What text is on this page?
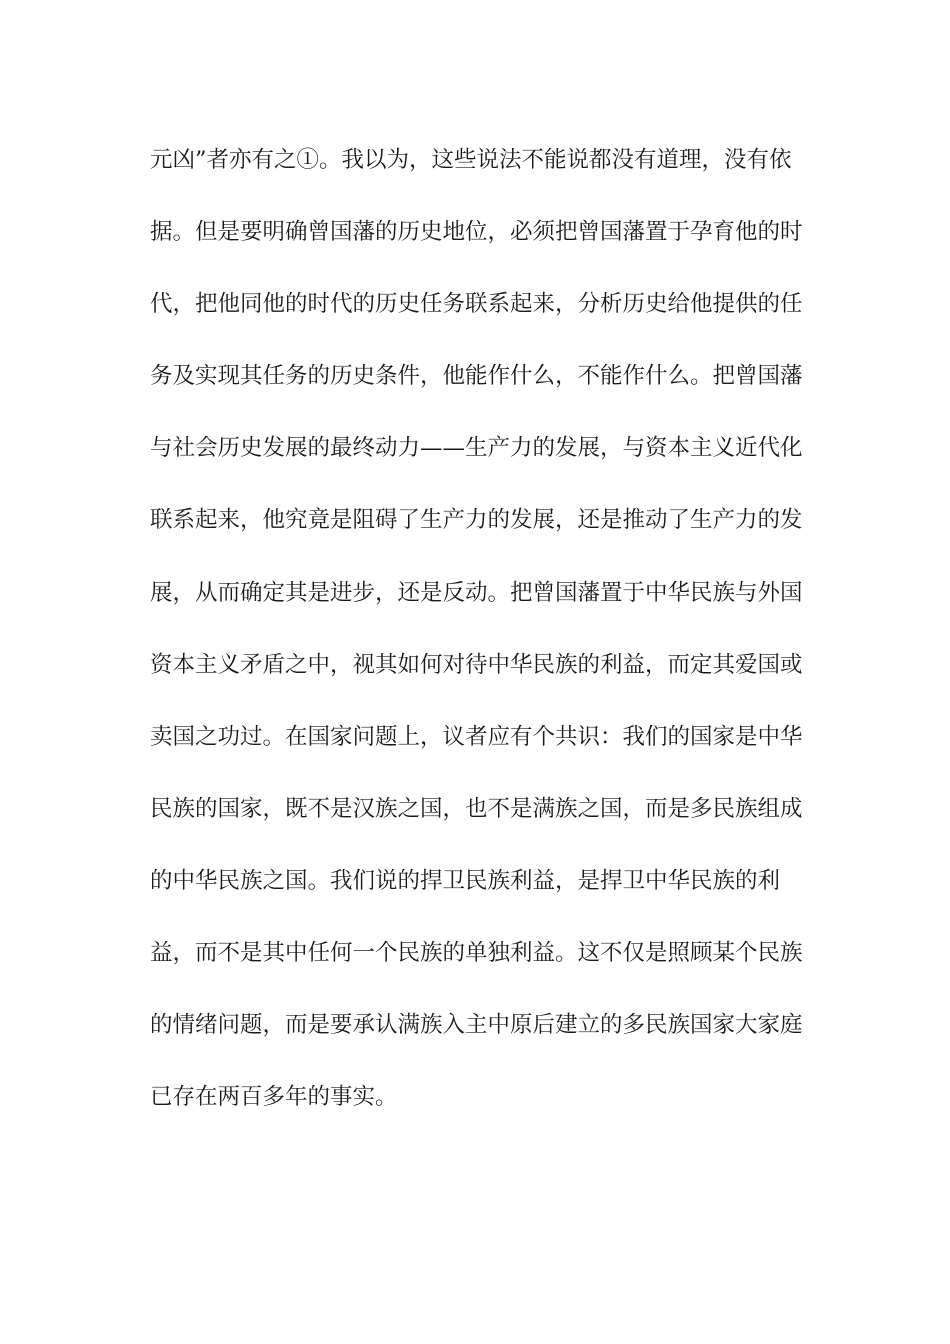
元凶”者亦有之①。我以为，这些说法不能说都没有道理，没有依
据。但是要明确曾国藩的历史地位，必须把曾国藩置于孕育他的时
代，把他同他的时代的历史任务联系起来，分析历史给他提供的任
务及实现其任务的历史条件，他能作什么，不能作什么。把曾国藩
与社会历史发展的最终动力——生产力的发展，与资本主义近代化
联系起来，他究竟是阻碍了生产力的发展，还是推动了生产力的发
展，从而确定其是进步，还是反动。把曾国藩置于中华民族与外国
资本主义矛盾之中，视其如何对待中华民族的利益，而定其爱国或
卖国之功过。在国家问题上，议者应有个共识：我们的国家是中华
民族的国家，既不是汉族之国，也不是满族之国，而是多民族组成
的中华民族之国。我们说的捍卫民族利益，是捍卫中华民族的利
益，而不是其中任何一个民族的单独利益。这不仅是照顾某个民族
的情绪问题，而是要承认满族入主中原后建立的多民族国家大家庭
已存在两百多年的事实。
